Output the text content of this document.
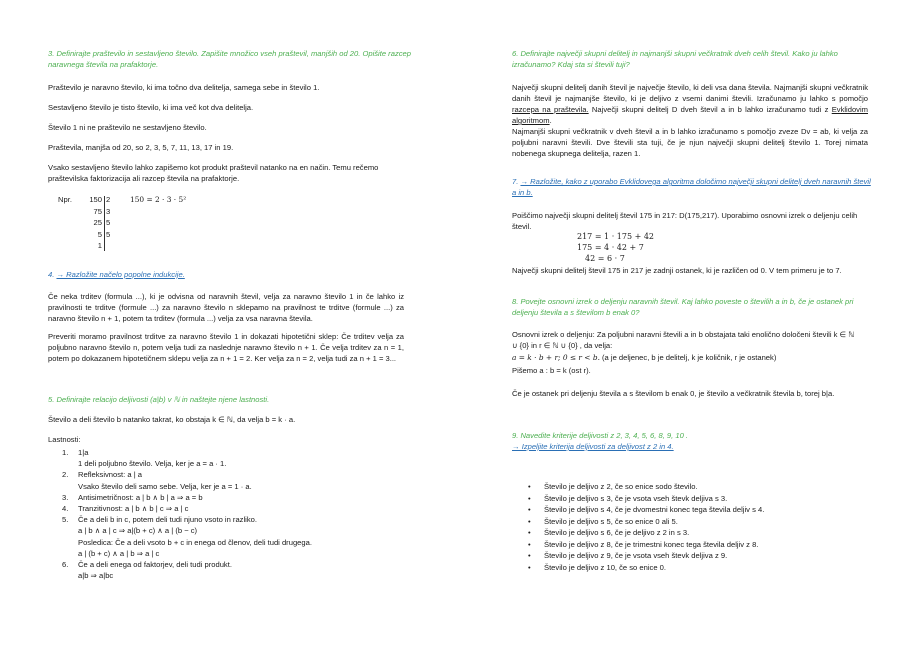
3. Definirajte praštevilo in sestavljeno število. Zapišite množico vseh praštevil, manjših od 20. Opišite razcep naravnega števila na prafaktorje.

Praštevilo je naravno število, ki ima točno dva delitelja, samega sebe in število 1.

Sestavljeno število je tisto število, ki ima več kot dva delitelja.

Število 1 ni ne praštevilo ne sestavljeno število.

Praštevila, manjša od 20, so 2, 3, 5, 7, 11, 13, 17 in 19.

Vsako sestavljeno število lahko zapišemo kot produkt praštevil natanko na en način. Temu rečemo praštevilska faktorizacija ali razcep števila na prafaktorje.

Npr.	150
75
25
5
1
2
3
5
5
150 = 2 · 3 · 5²
4. → Razložite načelo popolne indukcije.

Če neka trditev (formula ...), ki je odvisna od naravnih števil, velja za naravno število 1 in če lahko iz pravilnosti te trditve (formule ...) za naravno število n sklepamo na pravilnost te trditve (formule ...) za naravno število n + 1, potem ta trditev (formula ...) velja za vsa naravna števila.

Preveriti moramo pravilnost trditve za naravno število 1 in dokazati hipotetični sklep: Če trditev velja za poljubno naravno število n, potem velja tudi za naslednje naravno število n + 1. Če velja trditev za n = 1, potem po dokazanem hipotetičnem sklepu velja za n + 1 = 2. Ker velja za n = 2, velja tudi za n + 1 = 3...

5. Definirajte relacijo deljivosti (a|b) v ℕ in naštejte njene lastnosti.

Število a deli število b natanko takrat, ko obstaja k ∈ ℕ, da velja b = k · a.

Lastnosti:

1. 1|a
1 deli poljubno število. Velja, ker je a = a · 1.
2. Refleksivnost: a | a
Vsako število deli samo sebe. Velja, ker je a = 1 · a.
3. Antisimetričnost: a | b ∧ b | a ⇒ a = b
4. Tranzitivnost: a | b ∧ b | c ⇒ a | c
5. Če a deli b in c, potem deli tudi njuno vsoto in razliko.
a | b ∧ a | c ⇒ a|(b + c) ∧ a | (b − c)
Posledica: Če a deli vsoto b + c in enega od členov, deli tudi drugega.
a | (b + c) ∧ a | b ⇒ a | c
6. Če a deli enega od faktorjev, deli tudi produkt.
a|b ⇒ a|bc
6. Definirajte največji skupni delitelj in najmanjši skupni večkratnik dveh celih števil. Kako ju lahko izračunamo? Kdaj sta si števili tuji?

Največji skupni delitelj danih števil je največje število, ki deli vsa dana števila. Najmanjši skupni večkratnik danih števil je najmanjše število, ki je deljivo z vsemi danimi števili. Izračunamo ju lahko s pomočjo razcepa na praštevila. Največji skupni delitelj D dveh števil a in b lahko izračunamo tudi z Evklidovim algoritmom.

Najmanjši skupni večkratnik v dveh števil a in b lahko izračunamo s pomočjo zveze Dv = ab, ki velja za poljubni naravni števili. Dve števili sta tuji, če je njun največji skupni delitelj število 1. Torej nimata nobenega skupnega delitelja, razen 1.

7. → Razložite, kako z uporabo Evklidovega algoritma določimo največji skupni delitelj dveh naravnih števil a in b.

Poiščimo največji skupni delitelj števil 175 in 217: D(175,217). Uporabimo osnovni izrek o deljenju celih števil.

217 = 1 · 175 + 42
175 = 4 · 42 + 7
42 = 6 · 7

Največji skupni delitelj števil 175 in 217 je zadnji ostanek, ki je različen od 0. V tem primeru je to 7.

8. Povejte osnovni izrek o deljenju naravnih števil. Kaj lahko poveste o številih a in b, če je ostanek pri deljenju števila a s številom b enak 0?

Osnovni izrek o deljenju: Za poljubni naravni števili a in b obstajata taki enolično določeni števili k ∈ ℕ ∪ {0} in r ∈ ℕ ∪ {0} , da velja:

a = k · b + r; 0 ≤ r < b. (a je deljenec, b je delitelj, k je količnik, r je ostanek)

Pišemo a : b = k (ost r).

Če je ostanek pri deljenju števila a s številom b enak 0, je število a večkratnik števila b, torej b|a.

9. Navedite kriterije deljivosti z 2, 3, 4, 5, 6, 8, 9, 10 .
→ Izpeljite kriterija deljivosti za deljivost z 2 in 4.
• Število je deljivo z 2, če so enice sodo število.
• Število je deljivo s 3, če je vsota vseh števk deljiva s 3.
• Število je deljivo s 4, če je dvomestni konec tega števila deljiv s 4.
• Število je deljivo s 5, če so enice 0 ali 5.
• Število je deljivo s 6, če je deljivo z 2 in s 3.
• Število je deljivo z 8, če je trimestni konec tega števila deljiv z 8.
• Število je deljivo z 9, če je vsota vseh števk deljiva z 9.
• Število je deljivo z 10, če so enice 0.
